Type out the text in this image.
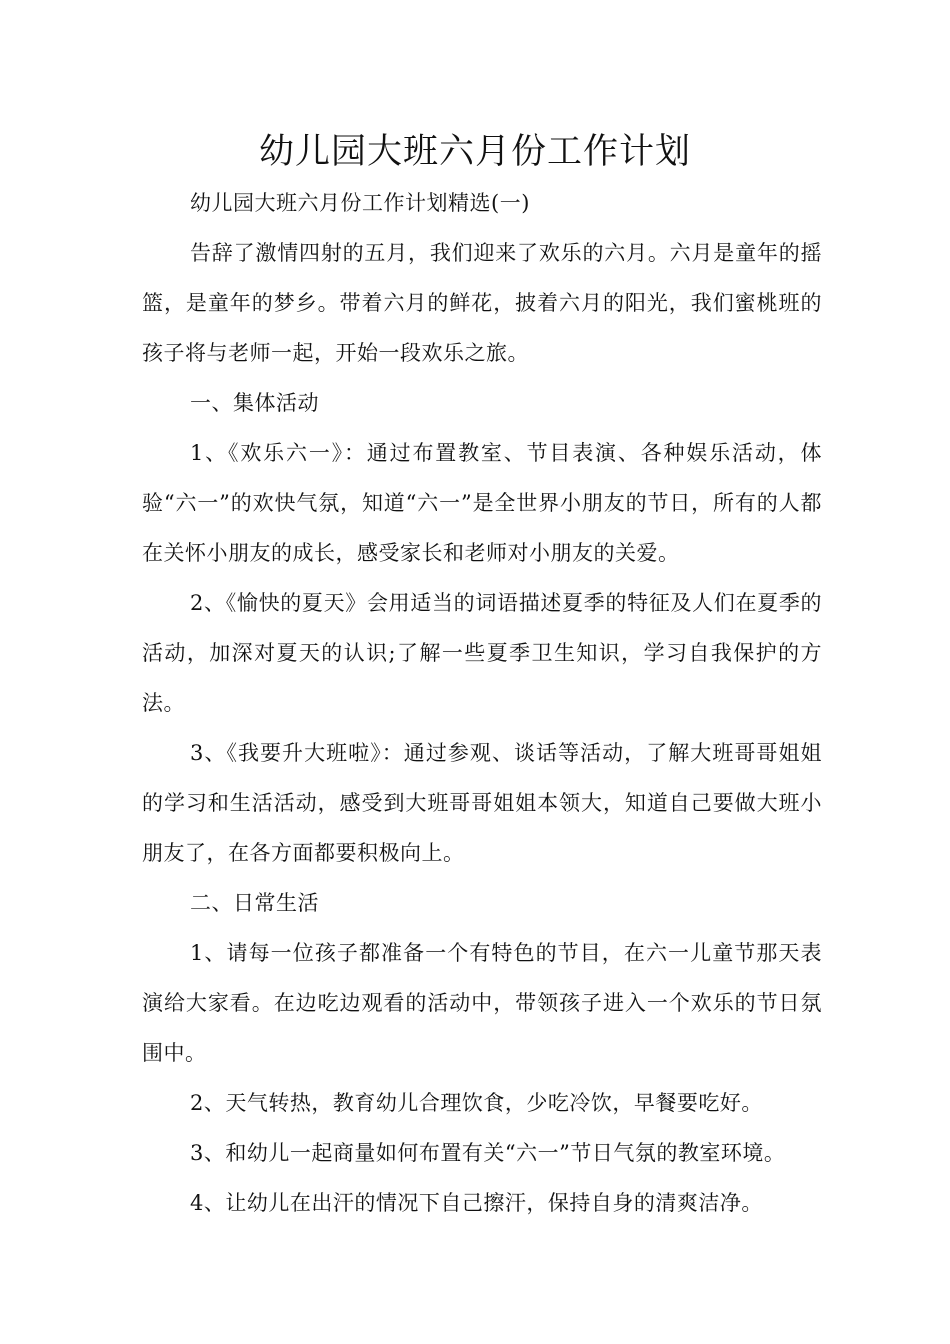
幼儿园大班六月份工作计划

幼儿园大班六月份工作计划精选(一)

告辞了激情四射的五月，我们迎来了欢乐的六月。六月是童年的摇篮，是童年的梦乡。带着六月的鲜花，披着六月的阳光，我们蜜桃班的孩子将与老师一起，开始一段欢乐之旅。

一、集体活动

1、《欢乐六一》：通过布置教室、节目表演、各种娱乐活动，体验“六一”的欢快气氛，知道“六一”是全世界小朋友的节日，所有的人都在关怀小朋友的成长，感受家长和老师对小朋友的关爱。

2、《愉快的夏天》会用适当的词语描述夏季的特征及人们在夏季的活动，加深对夏天的认识;了解一些夏季卫生知识，学习自我保护的方法。

3、《我要升大班啦》：通过参观、谈话等活动，了解大班哥哥姐姐的学习和生活活动，感受到大班哥哥姐姐本领大，知道自己要做大班小朋友了，在各方面都要积极向上。

二、日常生活

1、请每一位孩子都准备一个有特色的节目，在六一儿童节那天表演给大家看。在边吃边观看的活动中，带领孩子进入一个欢乐的节日氛围中。

2、天气转热，教育幼儿合理饮食，少吃冷饮，早餐要吃好。

3、和幼儿一起商量如何布置有关“六一”节日气氛的教室环境。

4、让幼儿在出汗的情况下自己擦汗，保持自身的清爽洁净。
